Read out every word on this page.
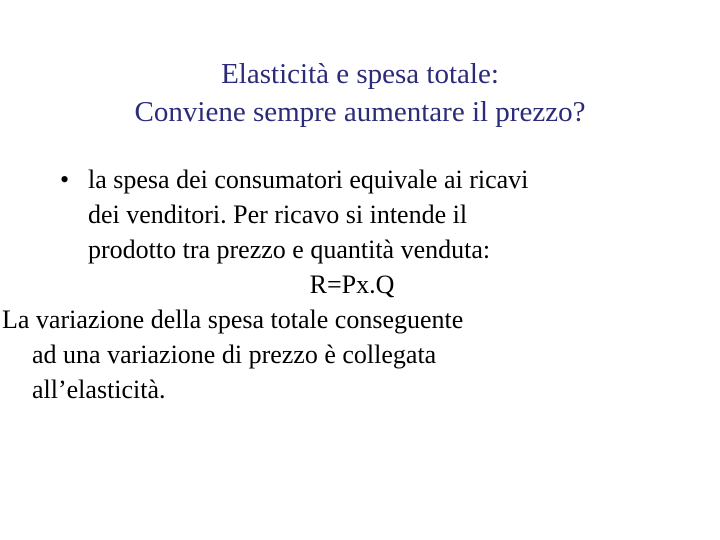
Elasticità e spesa totale:
Conviene sempre aumentare il prezzo?
• la spesa dei consumatori equivale ai ricavi
dei venditori. Per ricavo si intende il
prodotto tra prezzo e quantità venduta:
R=Px.Q
La variazione della spesa totale conseguente
ad una variazione di prezzo è collegata
all’elasticità.
